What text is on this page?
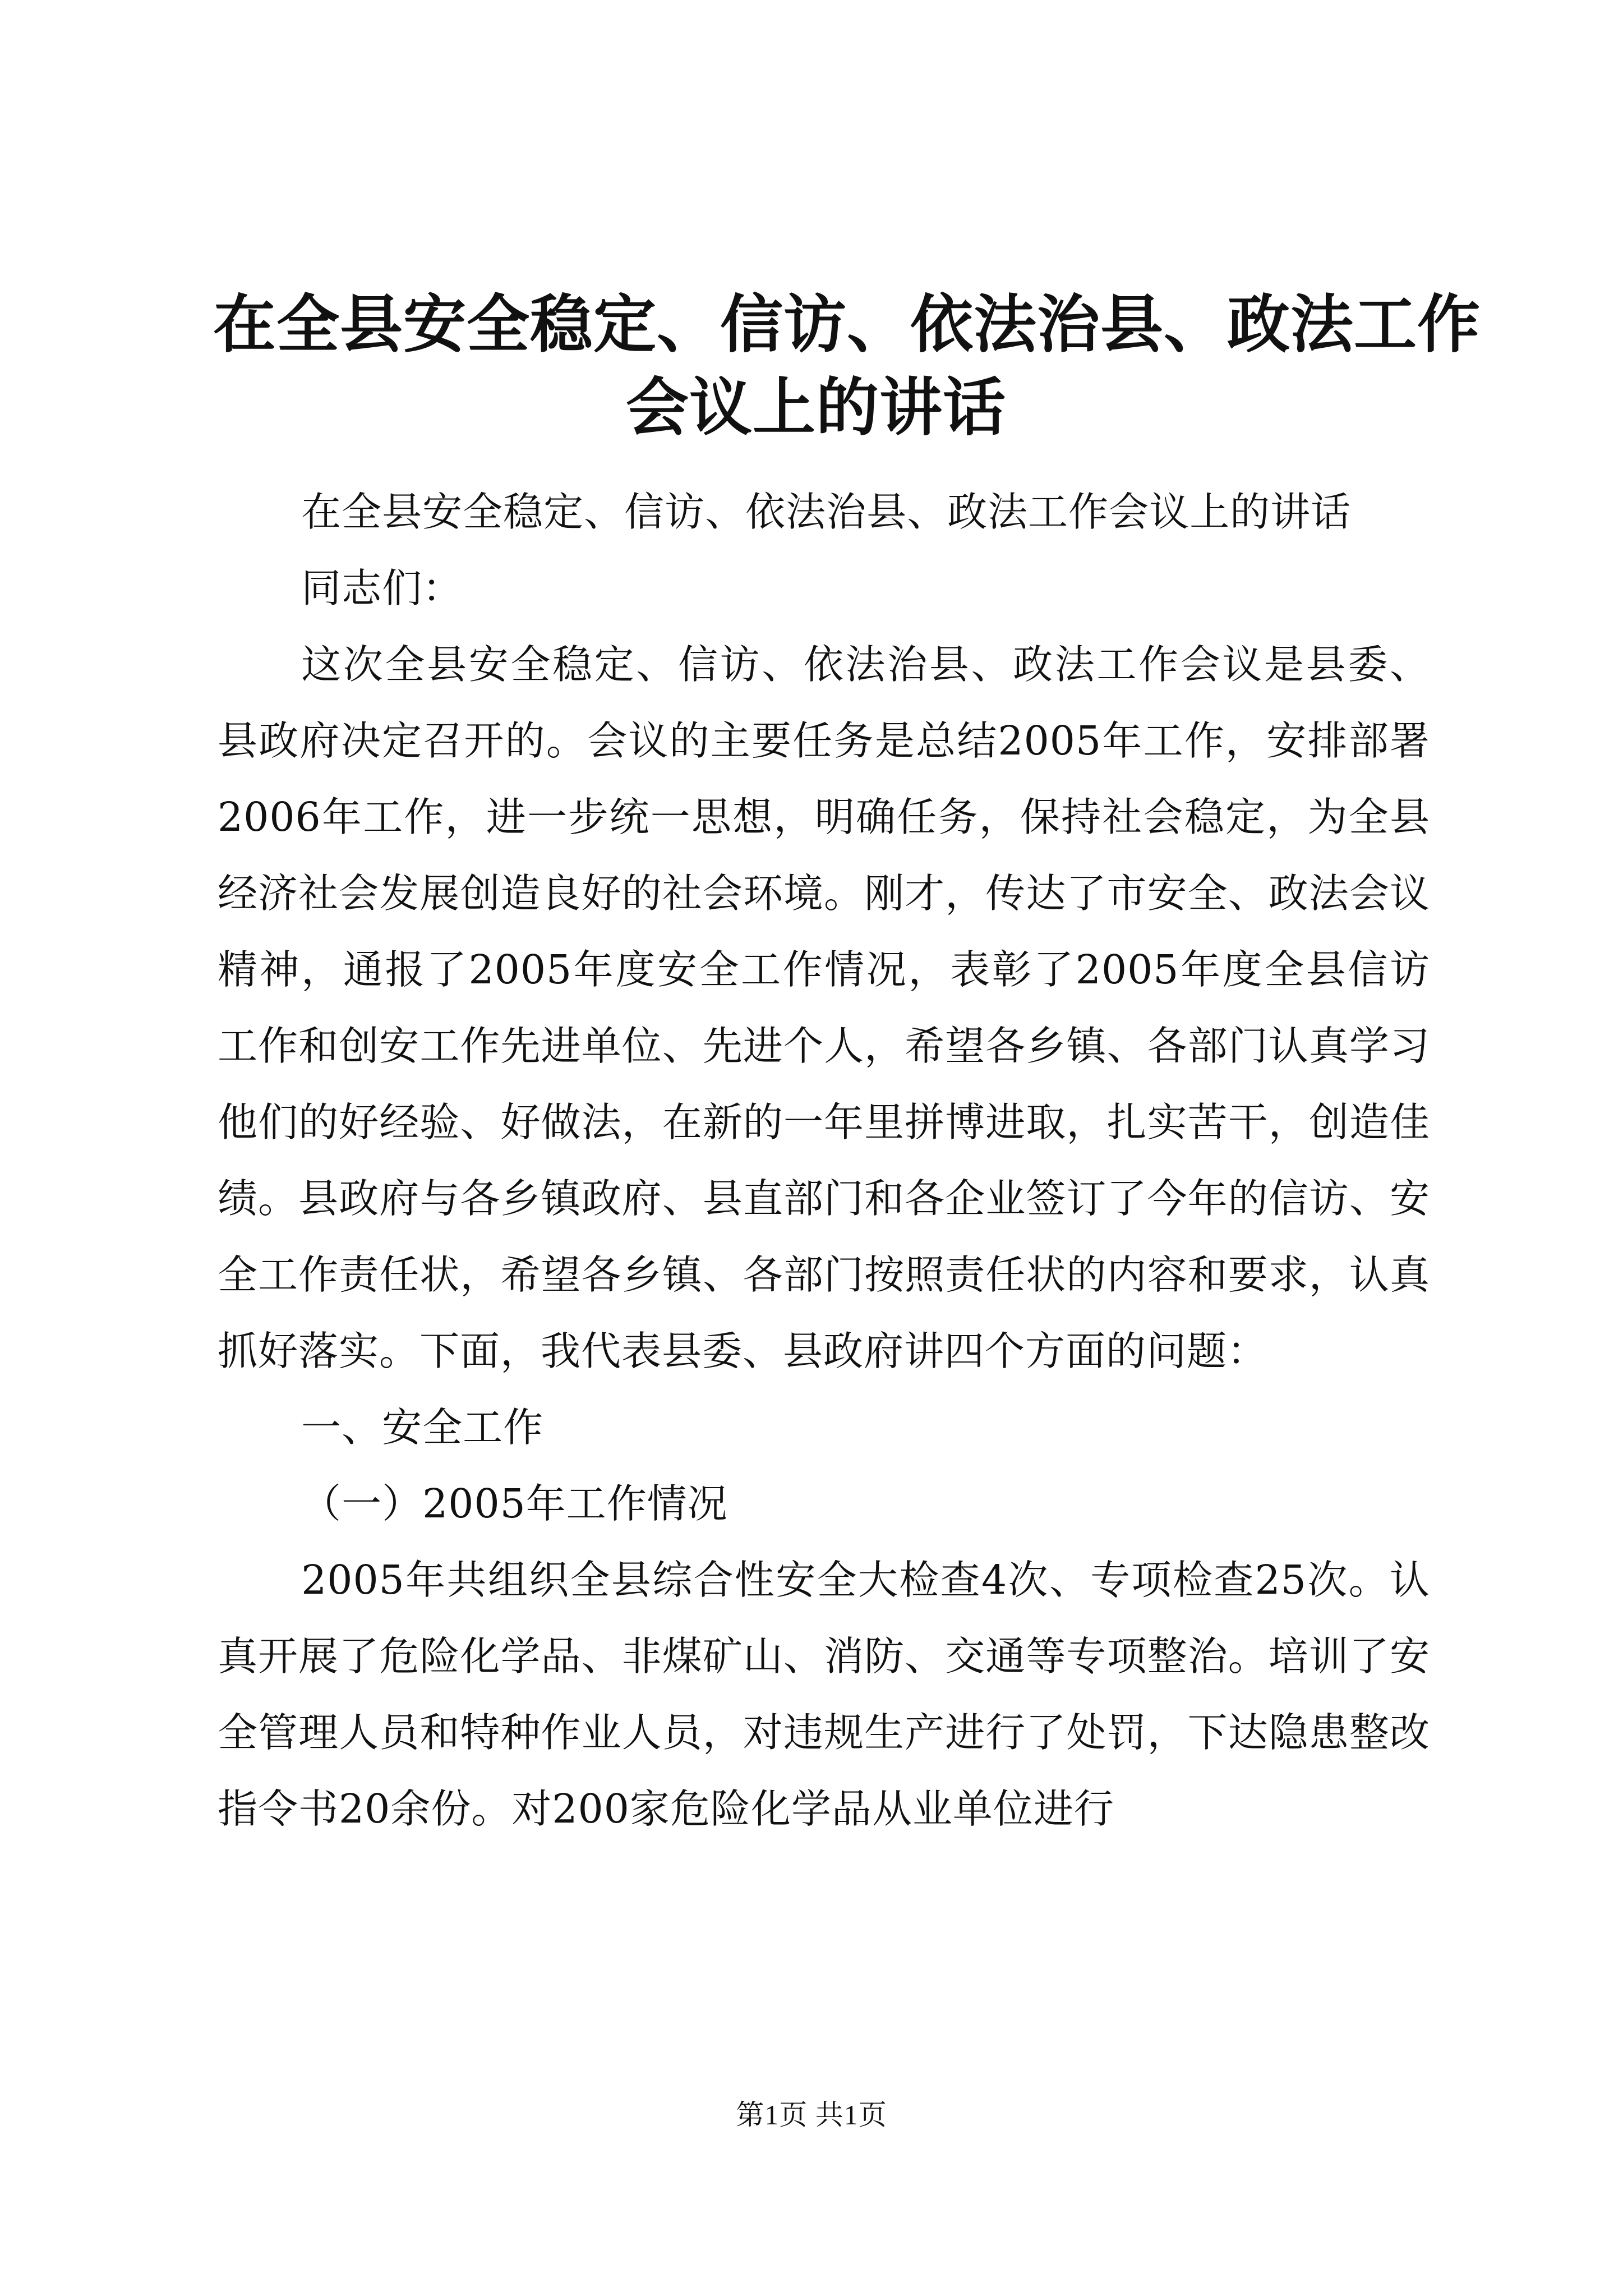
在全县安全稳定、信访、依法治县、政法工作
会议上的讲话

在全县安全稳定、信访、依法治县、政法工作会议上的讲话

同志们：

这次全县安全稳定、信访、依法治县、政法工作会议是县委、县政府决定召开的。会议的主要任务是总结2005年工作，安排部署2006年工作，进一步统一思想，明确任务，保持社会稳定，为全县经济社会发展创造良好的社会环境。刚才，传达了市安全、政法会议精神，通报了2005年度安全工作情况，表彰了2005年度全县信访工作和创安工作先进单位、先进个人，希望各乡镇、各部门认真学习他们的好经验、好做法，在新的一年里拼博进取，扎实苦干，创造佳绩。县政府与各乡镇政府、县直部门和各企业签订了今年的信访、安全工作责任状，希望各乡镇、各部门按照责任状的内容和要求，认真抓好落实。下面，我代表县委、县政府讲四个方面的问题：

一、安全工作

（一）2005年工作情况

2005年共组织全县综合性安全大检查4次、专项检查25次。认真开展了危险化学品、非煤矿山、消防、交通等专项整治。培训了安全管理人员和特种作业人员，对违规生产进行了处罚，下达隐患整改指令书20余份。对200家危险化学品从业单位进行

第1页 共1页
